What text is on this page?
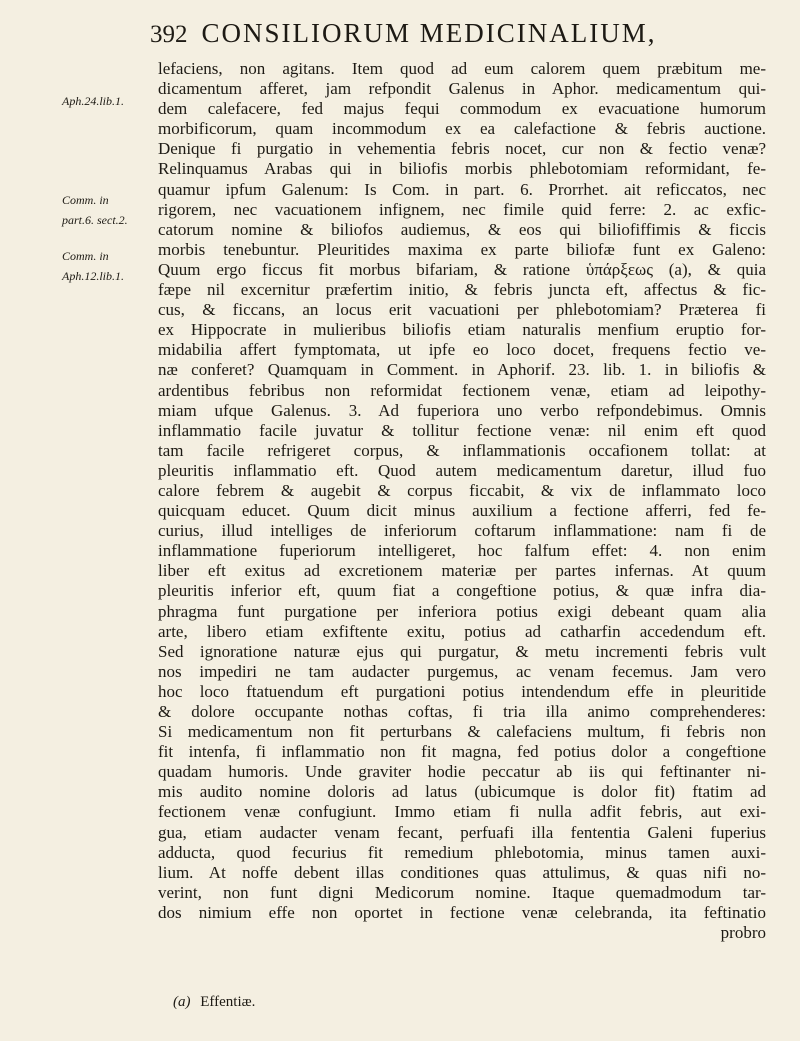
392 CONSILIORUM MEDICINALIUM,
Aph.24.lib.1.
Comm. in
part.6. sect.2.
Comm. in
Aph.12.lib.1.
lefaciens, non agitans. Item quod ad eum calorem quem præbitum me-
dicamentum afferet, jam refpondit Galenus in Aphor. medicamentum qui-
dem calefacere, fed majus fequi commodum ex evacuatione humorum
morbificorum, quam incommodum ex ea calefactione & febris auctione.
Denique fi purgatio in vehementia febris nocet, cur non & fectio venæ?
Relinquamus Arabas qui in biliofis morbis phlebotomiam reformidant, fe-
quamur ipfum Galenum: Is Com. in part. 6. Prorrhet. ait reficcatos, nec
rigorem, nec vacuationem infignem, nec fimile quid ferre: 2. ac exfic-
catorum nomine & biliofos audiemus, & eos qui biliofiffimis & ficcis
morbis tenebuntur. Pleuritides maxima ex parte biliofæ funt ex Galeno:
Quum ergo ficcus fit morbus bifariam, & ratione ὑπάρξεως (a), & quia
fæpe nil excernitur præfertim initio, & febris juncta eft, affectus & fic-
cus, & ficcans, an locus erit vacuationi per phlebotomiam? Præterea fi
ex Hippocrate in mulieribus biliofis etiam naturalis menfium eruptio for-
midabilia affert fymptomata, ut ipfe eo loco docet, frequens fectio ve-
næ conferet? Quamquam in Comment. in Aphorif. 23. lib. 1. in biliofis &
ardentibus febribus non reformidat fectionem venæ, etiam ad leipothy-
miam ufque Galenus. 3. Ad fuperiora uno verbo refpondebimus. Omnis
inflammatio facile juvatur & tollitur fectione venæ: nil enim eft quod
tam facile refrigeret corpus, & inflammationis occafionem tollat: at
pleuritis inflammatio eft. Quod autem medicamentum daretur, illud fuo
calore febrem & augebit & corpus ficcabit, & vix de inflammato loco
quicquam educet. Quum dicit minus auxilium a fectione afferri, fed fe-
curius, illud intelliges de inferiorum coftarum inflammatione: nam fi de
inflammatione fuperiorum intelligeret, hoc falfum effet: 4. non enim
liber eft exitus ad excretionem materiæ per partes infernas. At quum
pleuritis inferior eft, quum fiat a congeftione potius, & quæ infra dia-
phragma funt purgatione per inferiora potius exigi debeant quam alia
arte, libero etiam exfiftente exitu, potius ad catharfin accedendum eft.
Sed ignoratione naturæ ejus qui purgatur, & metu incrementi febris vult
nos impediri ne tam audacter purgemus, ac venam fecemus. Jam vero
hoc loco ftatuendum eft purgationi potius intendendum effe in pleuritide
& dolore occupante nothas coftas, fi tria illa animo comprehenderes:
Si medicamentum non fit perturbans & calefaciens multum, fi febris non
fit intenfa, fi inflammatio non fit magna, fed potius dolor a congeftione
quadam humoris. Unde graviter hodie peccatur ab iis qui feftinanter ni-
mis audito nomine doloris ad latus (ubicumque is dolor fit) ftatim ad
fectionem venæ confugiunt. Immo etiam fi nulla adfit febris, aut exi-
gua, etiam audacter venam fecant, perfuafi illa fententia Galeni fuperius
adducta, quod fecurius fit remedium phlebotomia, minus tamen auxi-
lium. At noffe debent illas conditiones quas attulimus, & quas nifi no-
verint, non funt digni Medicorum nomine. Itaque quemadmodum tar-
dos nimium effe non oportet in fectione venæ celebranda, ita feftinatio
probro
(a) Effentiæ.
